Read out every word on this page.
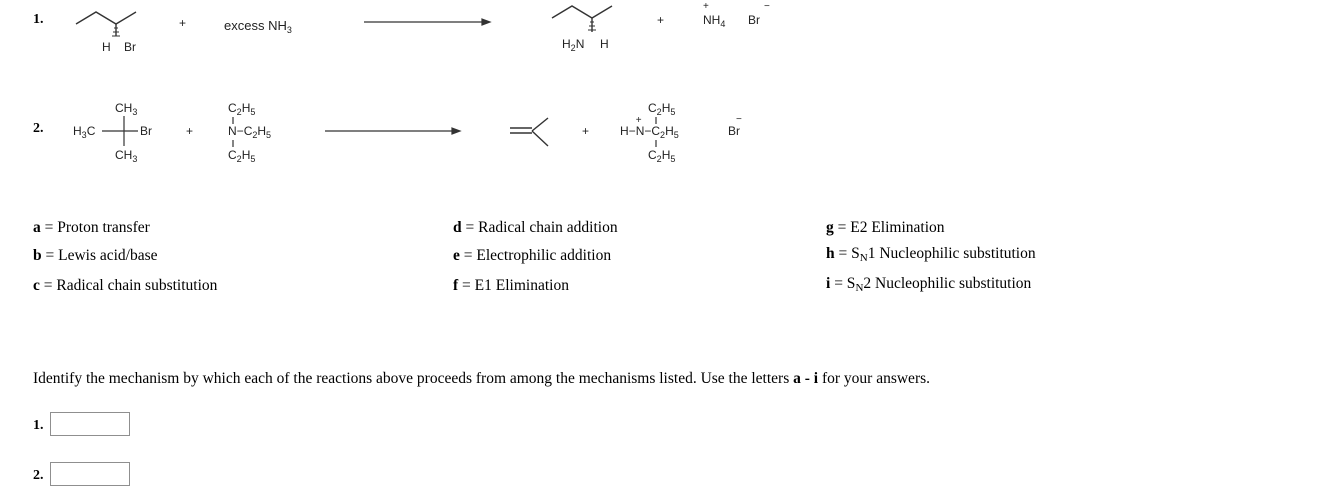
1.
H Br
+	excess $NH_3$
$H_2N$ H
+
+
$NH_4$
−
Br
2.
$CH_3$
$H_3C$	Br
$CH_3$
+
$C_2H_5$
$N-C_2H_5$
$C_2H_5$
+
$C_2H_5$
H−
+
$N-C_2H_5$
$C_2H_5$
−
Br
a = Proton transfer
b = Lewis acid/base
c = Radical chain substitution
d = Radical chain addition
e = Electrophilic addition
f = E1 Elimination
g = E2 Elimination
$h = S_N1$ Nucleophilic substitution
$i = S_N2$ Nucleophilic substitution
Identify the mechanism by which each of the reactions above proceeds from among the mechanisms listed. Use the letters a - i for your answers.
1.
2.
